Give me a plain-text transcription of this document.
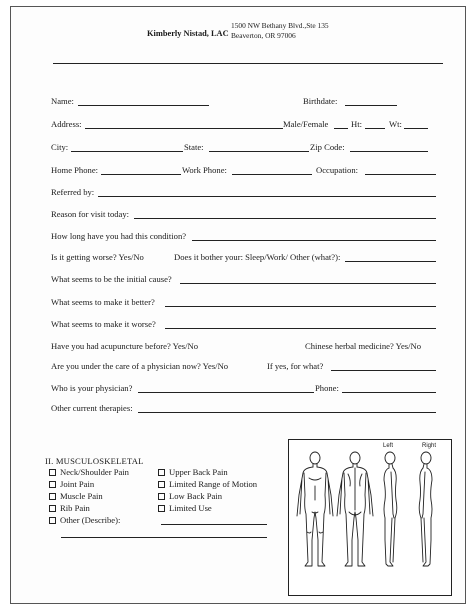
Kimberly Nistad, LAC
1500 NW Bethany Blvd.,Ste 135
Beaverton, OR 97006
Name:	Birthdate:
Address:	Male/Female	Ht:	Wt:
City:	State:	Zip Code:
Home Phone:	Work Phone:	Occupation:
Referred by:
Reason for visit today:
How long have you had this condition?
Is it getting worse? Yes/No	Does it bother your: Sleep/Work/ Other (what?):
What seems to be the initial cause?
What seems to make it better?
What seems to make it worse?
Have you had acupuncture before? Yes/No	Chinese herbal medicine? Yes/No
Are you under the care of a physician now? Yes/No	If yes, for what?
Who is your physician?	Phone:
Other current therapies:
II. MUSCULOSKELETAL
Neck/Shoulder Pain
Joint Pain
Muscle Pain
Rib Pain
Other (Describe):
Upper Back Pain
Limited Range of Motion
Low Back Pain
Limited Use
Left	Right
